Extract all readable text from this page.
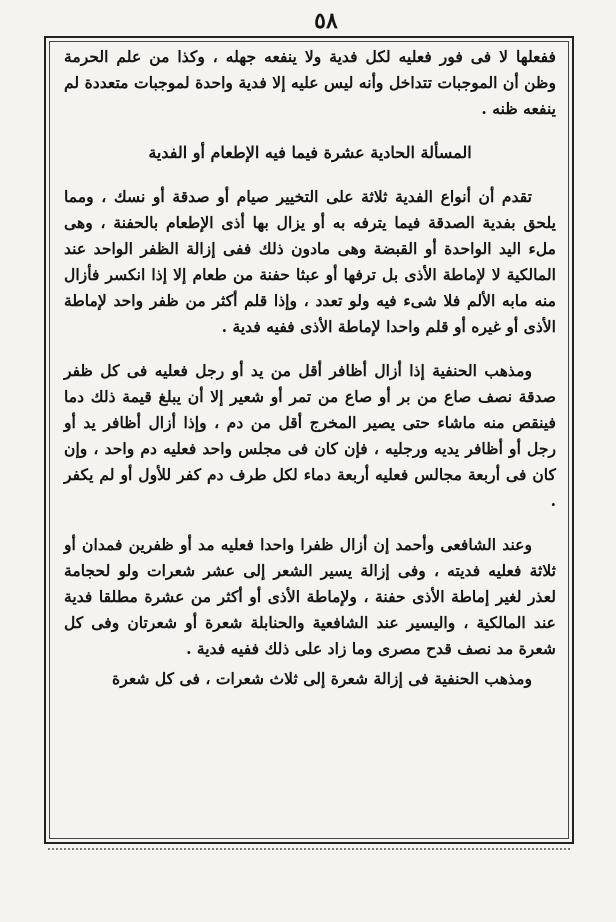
٥٨

ففعلها لا فى فور فعليه لكل فدية ولا ينفعه جهله ، وكذا من علم الحرمة وظن أن الموجبات تتداخل وأنه ليس عليه إلا فدية واحدة لموجبات متعددة لم ينفعه ظنه .

المسألة الحادية عشرة فيما فيه الإطعام أو الفدية

تقدم أن أنواع الفدية ثلاثة على التخيير صيام أو صدقة أو نسك ، ومما يلحق بفدية الصدقة فيما يترفه به أو يزال بها أذى الإطعام بالحفنة ، وهى ملء اليد الواحدة أو القبضة وهى مادون ذلك ففى إزالة الظفر الواحد عند المالكية لا لإماطة الأذى بل ترفها أو عبثا حفنة من طعام إلا إذا انكسر فأزال منه مابه الألم فلا شىء فيه ولو تعدد ، وإذا قلم أكثر من ظفر واحد لإماطة الأذى أو غيره أو قلم واحدا لإماطة الأذى ففيه فدية .

ومذهب الحنفية إذا أزال أظافر أقل من يد أو رجل فعليه فى كل ظفر صدقة نصف صاع من بر أو صاع من تمر أو شعير إلا أن يبلغ قيمة ذلك دما فينقص منه ماشاء حتى يصير المخرج أقل من دم ، وإذا أزال أظافر يد أو رجل أو أظافر يديه ورجليه ، فإن كان فى مجلس واحد فعليه دم واحد ، وإن كان فى أربعة مجالس فعليه أربعة دماء لكل طرف دم كفر للأول أو لم يكفر .

وعند الشافعى وأحمد إن أزال ظفرا واحدا فعليه مد أو ظفرين فمدان أو ثلاثة فعليه فديته ، وفى إزالة يسير الشعر إلى عشر شعرات ولو لحجامة لعذر لغير إماطة الأذى حفنة ، ولإماطة الأذى أو أكثر من عشرة مطلقا فدية عند المالكية ، واليسير عند الشافعية والحنابلة شعرة أو شعرتان وفى كل شعرة مد نصف قدح مصرى وما زاد على ذلك ففيه فدية .

ومذهب الحنفية فى إزالة شعرة إلى ثلاث شعرات ، فى كل شعرة
